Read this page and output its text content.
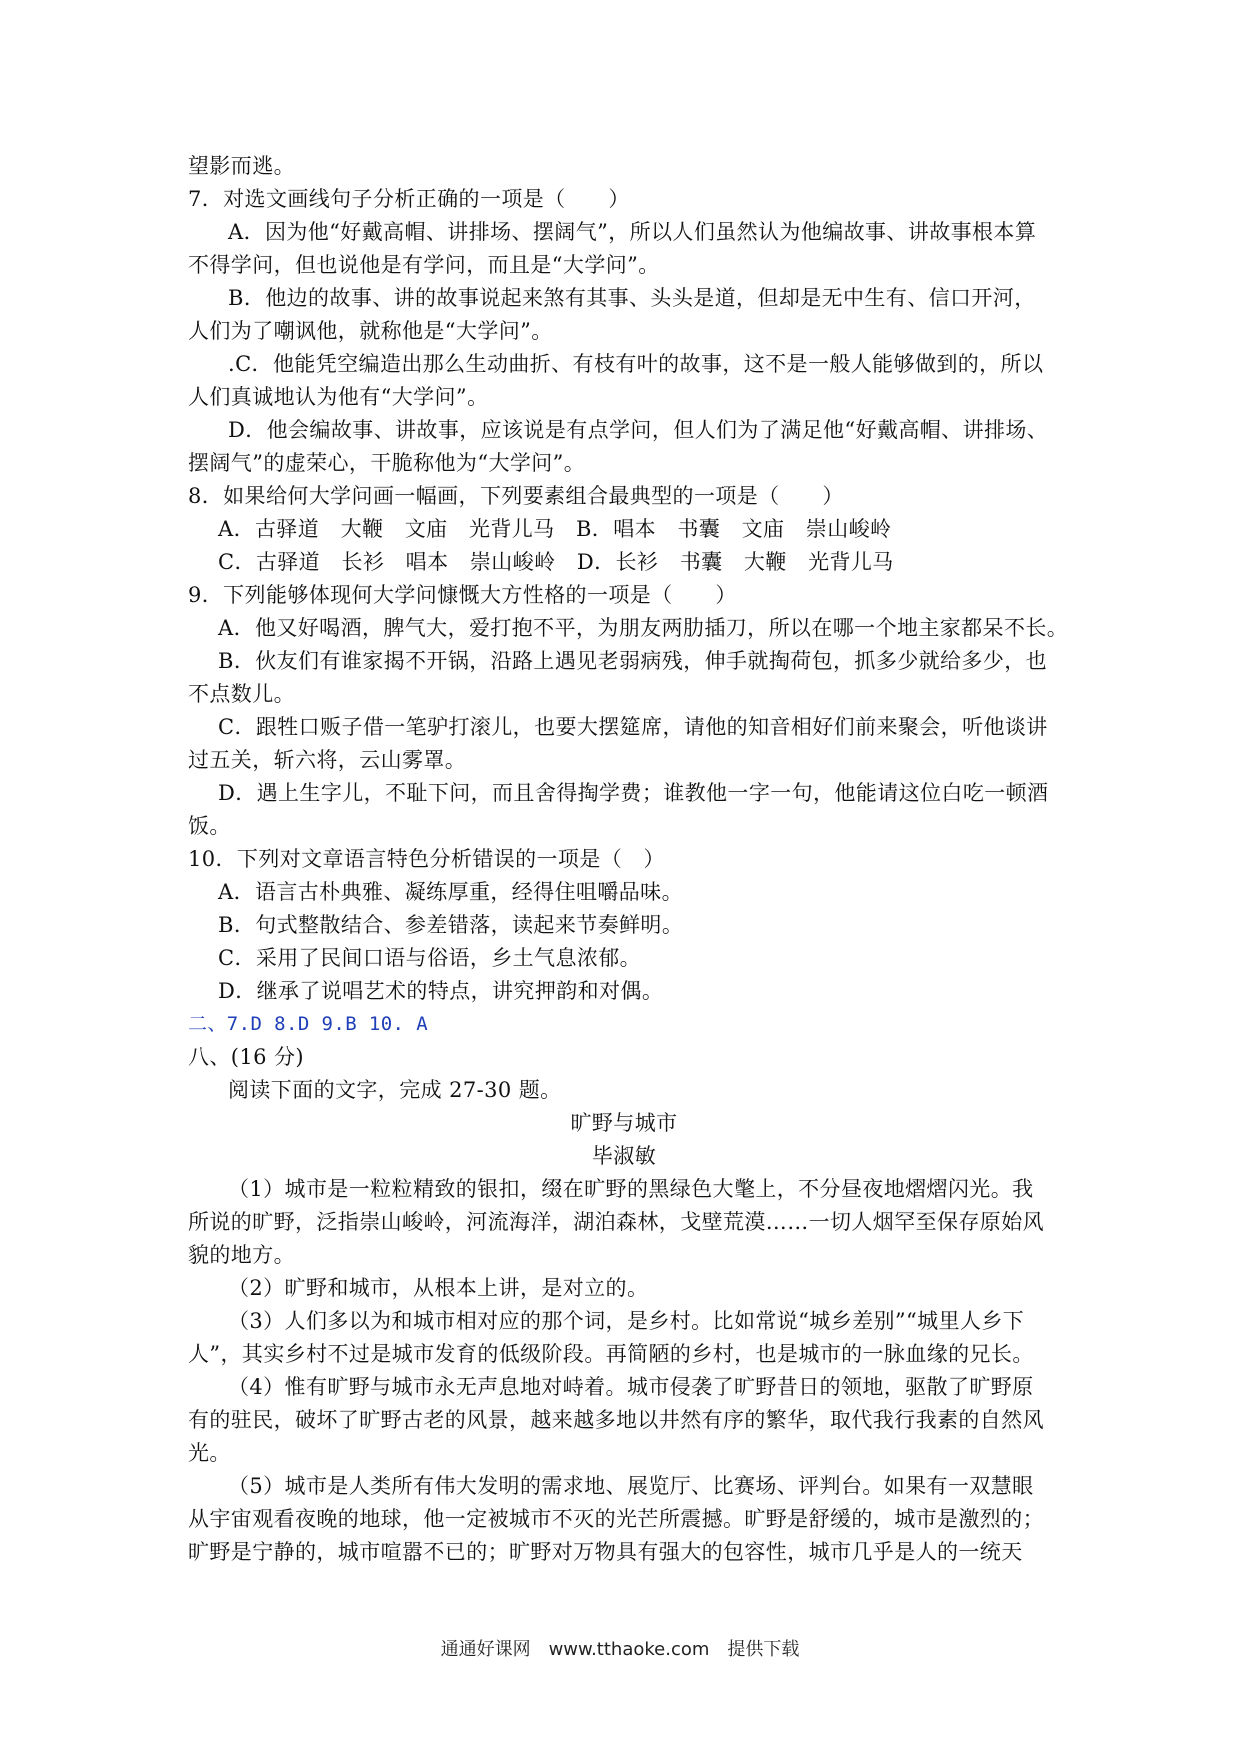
望影而逃。
7．对选文画线句子分析正确的一项是（　　）
A．因为他“好戴高帽、讲排场、摆阔气”，所以人们虽然认为他编故事、讲故事根本算
不得学问，但也说他是有学问，而且是“大学问”。
B．他边的故事、讲的故事说起来煞有其事、头头是道，但却是无中生有、信口开河，
人们为了嘲讽他，就称他是“大学问”。
.C．他能凭空编造出那么生动曲折、有枝有叶的故事，这不是一般人能够做到的，所以
人们真诚地认为他有“大学问”。
D．他会编故事、讲故事，应该说是有点学问，但人们为了满足他“好戴高帽、讲排场、
摆阔气”的虚荣心，干脆称他为“大学问”。
8．如果给何大学问画一幅画，下列要素组合最典型的一项是（　　）
A．古驿道　大鞭　文庙　光背儿马　B．唱本　书囊　文庙　崇山峻岭
C．古驿道　长衫　唱本　崇山峻岭　D．长衫　书囊　大鞭　光背儿马
9．下列能够体现何大学问慷慨大方性格的一项是（　　）
A．他又好喝酒，脾气大，爱打抱不平，为朋友两肋插刀，所以在哪一个地主家都呆不长。
B．伙友们有谁家揭不开锅，沿路上遇见老弱病残，伸手就掏荷包，抓多少就给多少，也
不点数儿。
C．跟牲口贩子借一笔驴打滚儿，也要大摆筵席，请他的知音相好们前来聚会，听他谈讲
过五关，斩六将，云山雾罩。
D．遇上生字儿，不耻下问，而且舍得掏学费；谁教他一字一句，他能请这位白吃一顿酒
饭。
10．下列对文章语言特色分析错误的一项是（　）
A．语言古朴典雅、凝练厚重，经得住咀嚼品味。
B．句式整散结合、参差错落，读起来节奏鲜明。
C．采用了民间口语与俗语，乡土气息浓郁。
D．继承了说唱艺术的特点，讲究押韵和对偶。
二、7.D 8.D 9.B 10. A
八、(16 分)
阅读下面的文字，完成 27-30 题。
旷野与城市
毕淑敏
（1）城市是一粒粒精致的银扣，缀在旷野的黑绿色大氅上，不分昼夜地熠熠闪光。我
所说的旷野，泛指崇山峻岭，河流海洋，湖泊森林，戈壁荒漠……一切人烟罕至保存原始风
貌的地方。
（2）旷野和城市，从根本上讲，是对立的。
（3）人们多以为和城市相对应的那个词，是乡村。比如常说“城乡差别”“城里人乡下
人”，其实乡村不过是城市发育的低级阶段。再简陋的乡村，也是城市的一脉血缘的兄长。
（4）惟有旷野与城市永无声息地对峙着。城市侵袭了旷野昔日的领地，驱散了旷野原
有的驻民，破坏了旷野古老的风景，越来越多地以井然有序的繁华，取代我行我素的自然风
光。
（5）城市是人类所有伟大发明的需求地、展览厅、比赛场、评判台。如果有一双慧眼
从宇宙观看夜晚的地球，他一定被城市不灭的光芒所震撼。旷野是舒缓的，城市是激烈的；
旷野是宁静的，城市喧嚣不已的；旷野对万物具有强大的包容性，城市几乎是人的一统天
通通好课网　www.tthaoke.com　提供下载
